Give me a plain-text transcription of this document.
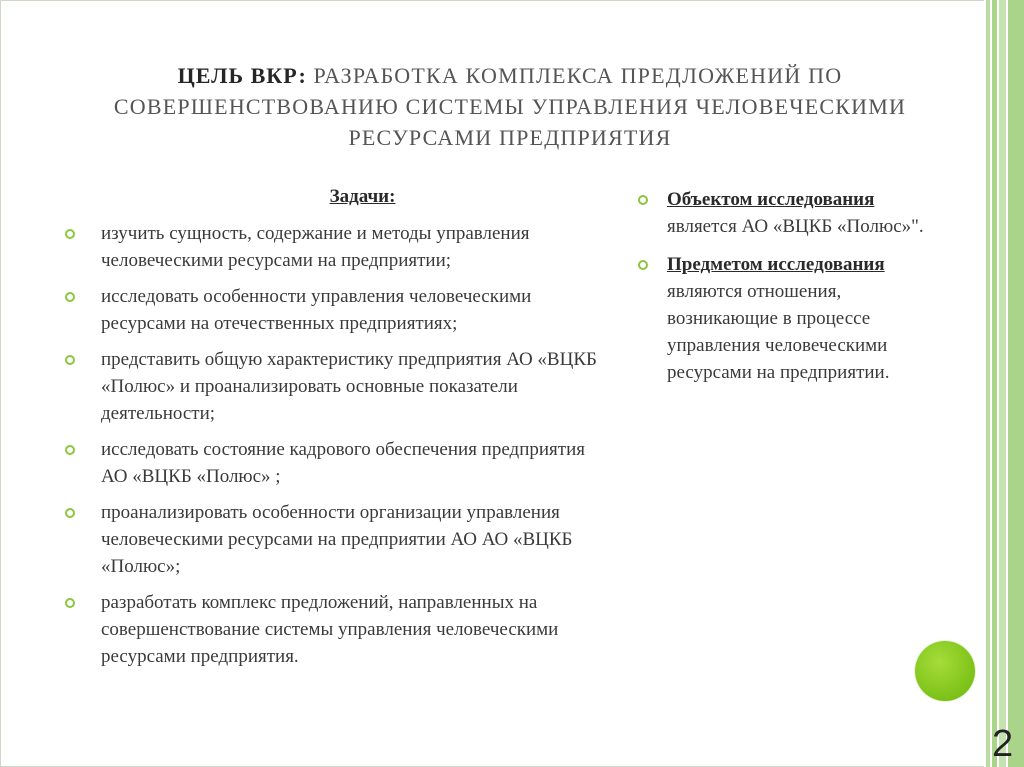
ЦЕЛЬ ВКР: РАЗРАБОТКА КОМПЛЕКСА ПРЕДЛОЖЕНИЙ ПО СОВЕРШЕНСТВОВАНИЮ СИСТЕМЫ УПРАВЛЕНИЯ ЧЕЛОВЕЧЕСКИМИ РЕСУРСАМИ ПРЕДПРИЯТИЯ
Задачи:
изучить сущность, содержание и методы управления человеческими ресурсами на предприятии;
исследовать особенности управления человеческими ресурсами на отечественных предприятиях;
представить общую характеристику предприятия АО «ВЦКБ «Полюс» и проанализировать основные показатели деятельности;
исследовать состояние кадрового обеспечения предприятия АО «ВЦКБ «Полюс» ;
проанализировать особенности организации управления человеческими ресурсами на предприятии АО АО «ВЦКБ «Полюс»;
разработать комплекс предложений, направленных на совершенствование системы управления человеческими ресурсами предприятия.
Объектом исследования является АО «ВЦКБ «Полюс»".
Предметом исследования являются отношения, возникающие в процессе управления человеческими ресурсами на предприятии.
2
